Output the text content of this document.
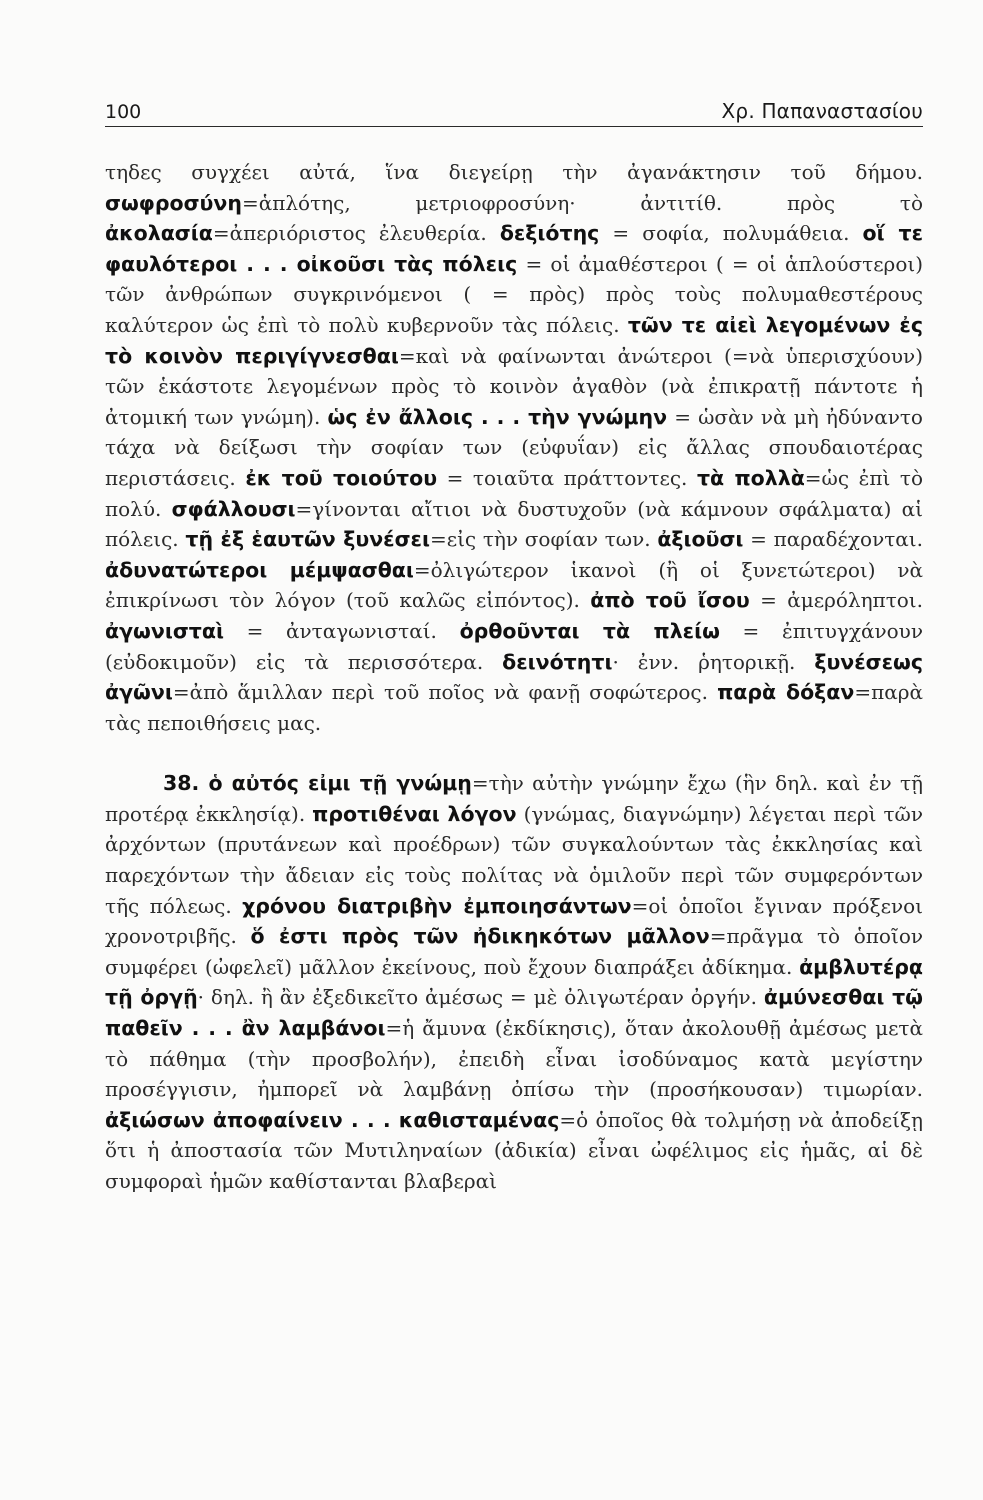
100	Χρ. Παπαναστασίου

τηδες συγχέει αὐτά, ἵνα διεγείρῃ τὴν ἀγανάκτησιν τοῦ δήμου. σωφροσύνη=ἁπλότης, μετριοφροσύνη· ἀντιτίθ. πρὸς τὸ ἀκολασία=ἀπεριόριστος ἐλευθερία. δεξιότης = σοφία, πολυμάθεια. οἵ τε φαυλότεροι . . . οἰκοῦσι τὰς πόλεις = οἱ ἀμαθέστεροι ( = οἱ ἁπλούστεροι) τῶν ἀνθρώπων συγκρινόμενοι ( = πρὸς) πρὸς τοὺς πολυμαθεστέρους καλύτερον ὡς ἐπὶ τὸ πολὺ κυβερνοῦν τὰς πόλεις. τῶν τε αἰεὶ λεγομένων ἐς τὸ κοινὸν περιγίγνεσθαι=καὶ νὰ φαίνωνται ἀνώτεροι (=νὰ ὑπερισχύουν) τῶν ἑκάστοτε λεγομένων πρὸς τὸ κοινὸν ἀγαθὸν (νὰ ἐπικρατῇ πάντοτε ἡ ἀτομική των γνώμη). ὡς ἐν ἄλλοις . . . τὴν γνώμην = ὡσὰν νὰ μὴ ἠδύναντο τάχα νὰ δείξωσι τὴν σοφίαν των (εὐφυΐαν) εἰς ἄλλας σπουδαιοτέρας περιστάσεις. ἐκ τοῦ τοιούτου = τοιαῦτα πράττοντες. τὰ πολλὰ=ὡς ἐπὶ τὸ πολύ. σφάλλουσι=γίνονται αἴτιοι νὰ δυστυχοῦν (νὰ κάμνουν σφάλματα) αἱ πόλεις. τῇ ἐξ ἑαυτῶν ξυνέσει=εἰς τὴν σοφίαν των. ἀξιοῦσι = παραδέχονται. ἀδυνατώτεροι μέμψασθαι=ὀλιγώτερον ἱκανοὶ (ἢ οἱ ξυνετώτεροι) νὰ ἐπικρίνωσι τὸν λόγον (τοῦ καλῶς εἰπόντος). ἀπὸ τοῦ ἴσου = ἀμερόληπτοι. ἀγωνισταὶ = ἀνταγωνισταί. ὀρθοῦνται τὰ πλείω = ἐπιτυγχάνουν (εὐδοκιμοῦν) εἰς τὰ περισσότερα. δεινότητι· ἐνν. ῥητορικῇ. ξυνέσεως ἀγῶνι=ἀπὸ ἅμιλλαν περὶ τοῦ ποῖος νὰ φανῇ σοφώτερος. παρὰ δόξαν=παρὰ τὰς πεποιθήσεις μας.

38. ὁ αὐτός εἰμι τῇ γνώμῃ=τὴν αὐτὴν γνώμην ἔχω (ἣν δηλ. καὶ ἐν τῇ προτέρᾳ ἐκκλησίᾳ). προτιθέναι λόγον (γνώμας, διαγνώμην) λέγεται περὶ τῶν ἀρχόντων (πρυτάνεων καὶ προέδρων) τῶν συγκαλούντων τὰς ἐκκλησίας καὶ παρεχόντων τὴν ἄδειαν εἰς τοὺς πολίτας νὰ ὁμιλοῦν περὶ τῶν συμφερόντων τῆς πόλεως. χρόνου διατριβὴν ἐμποιησάντων=οἱ ὁποῖοι ἔγιναν πρόξενοι χρονοτριβῆς. ὅ ἐστι πρὸς τῶν ἠδικηκότων μᾶλλον=πρᾶγμα τὸ ὁποῖον συμφέρει (ὠφελεῖ) μᾶλλον ἐκείνους, ποὺ ἔχουν διαπράξει ἀδίκημα. ἀμβλυτέρᾳ τῇ ὀργῇ· δηλ. ἢ ἂν ἐξεδικεῖτο ἀμέσως = μὲ ὀλιγωτέραν ὀργήν. ἀμύνεσθαι τῷ παθεῖν . . . ἂν λαμβάνοι=ἡ ἄμυνα (ἐκδίκησις), ὅταν ἀκολουθῇ ἀμέσως μετὰ τὸ πάθημα (τὴν προσβολήν), ἐπειδὴ εἶναι ἰσοδύναμος κατὰ μεγίστην προσέγγισιν, ἠμπορεῖ νὰ λαμβάνῃ ὀπίσω τὴν (προσήκουσαν) τιμωρίαν. ἀξιώσων ἀποφαίνειν . . . καθισταμένας=ὁ ὁποῖος θὰ τολμήσῃ νὰ ἀποδείξῃ ὅτι ἡ ἀποστασία τῶν Μυτιληναίων (ἀδικία) εἶναι ὠφέλιμος εἰς ἡμᾶς, αἱ δὲ συμφοραὶ ἡμῶν καθίστανται βλαβεραὶ
